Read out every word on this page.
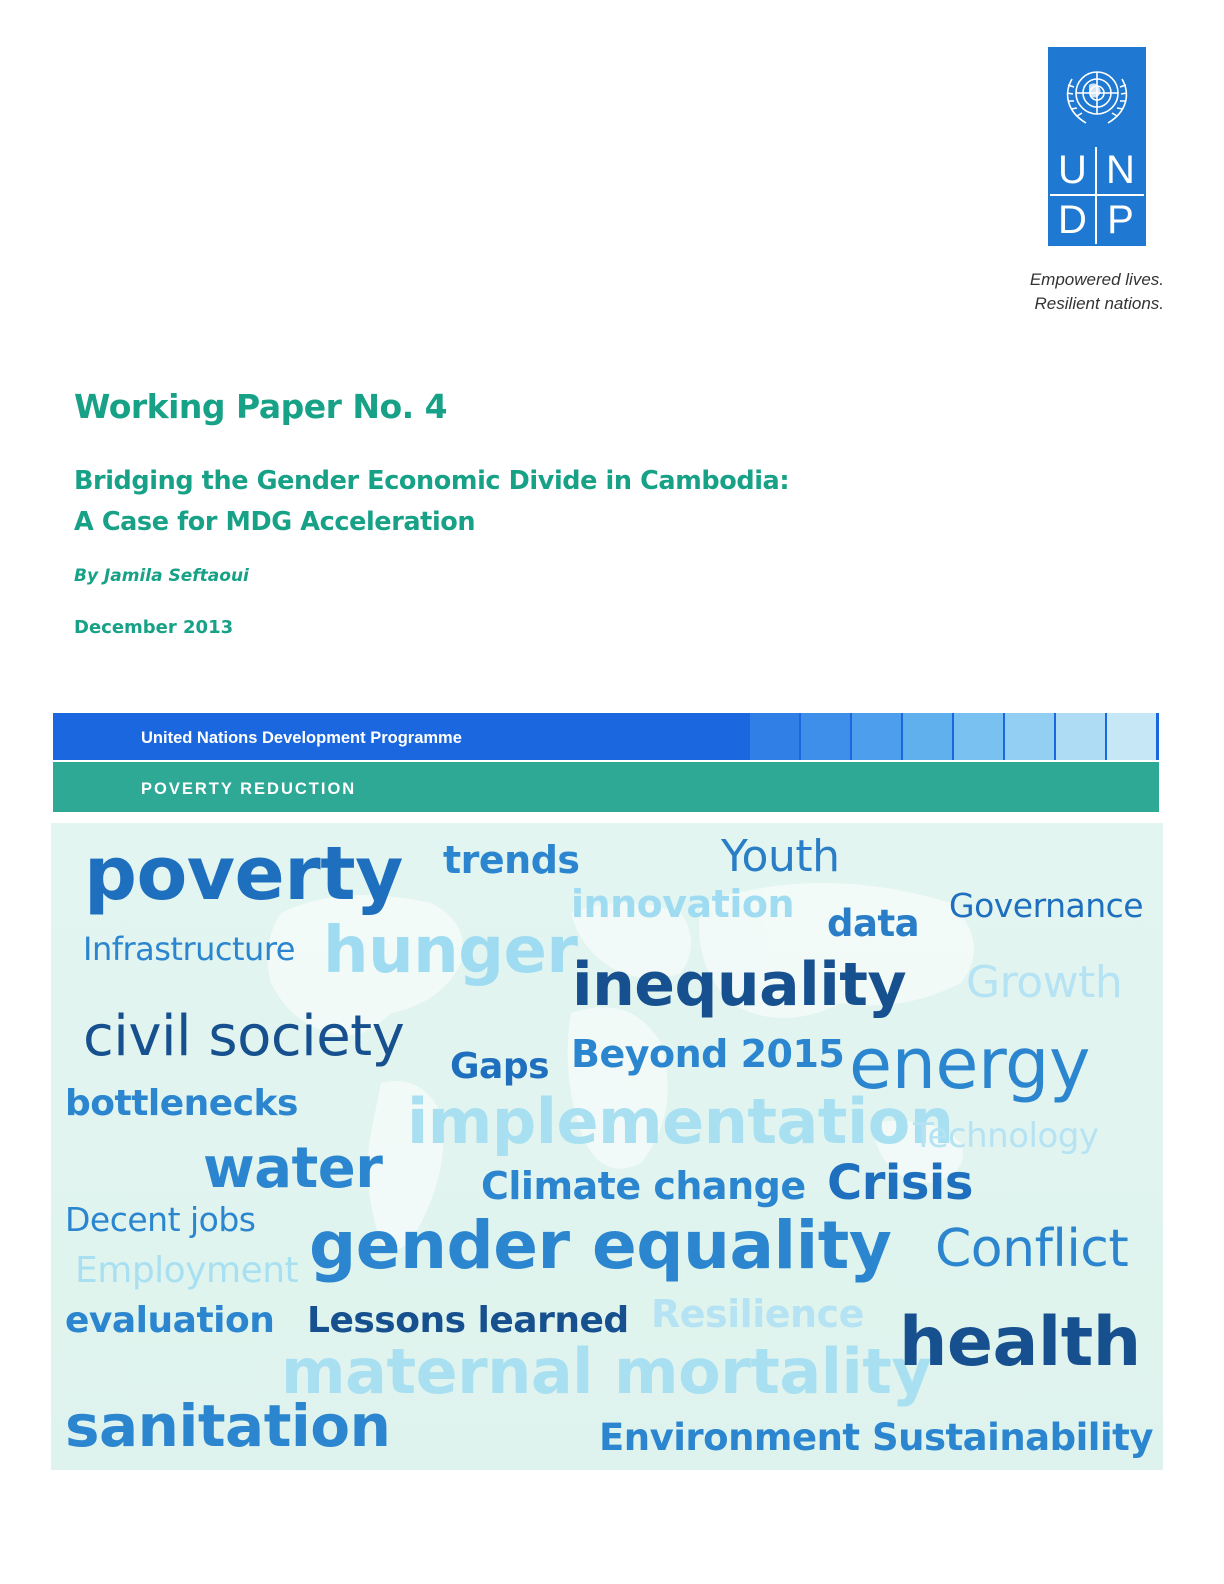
U N
D P
Empowered lives.
Resilient nations.
Working Paper No. 4
Bridging the Gender Economic Divide in Cambodia:
A Case for MDG Acceleration
By Jamila Seftaoui
December 2013
United Nations Development Programme
POVERTY REDUCTION
poverty trends	Youth
innovation data Governance
Infrastructure hunger
inequality Growth
civil society Gaps Beyond 2015 energy
bottlenecks implementation
Technology
water	Climate change Crisis
Decent jobs gender equality Conflict
Employment
evaluation Lessons learned Resilience
maternal mortality
health
sanitation	Environment Sustainability
